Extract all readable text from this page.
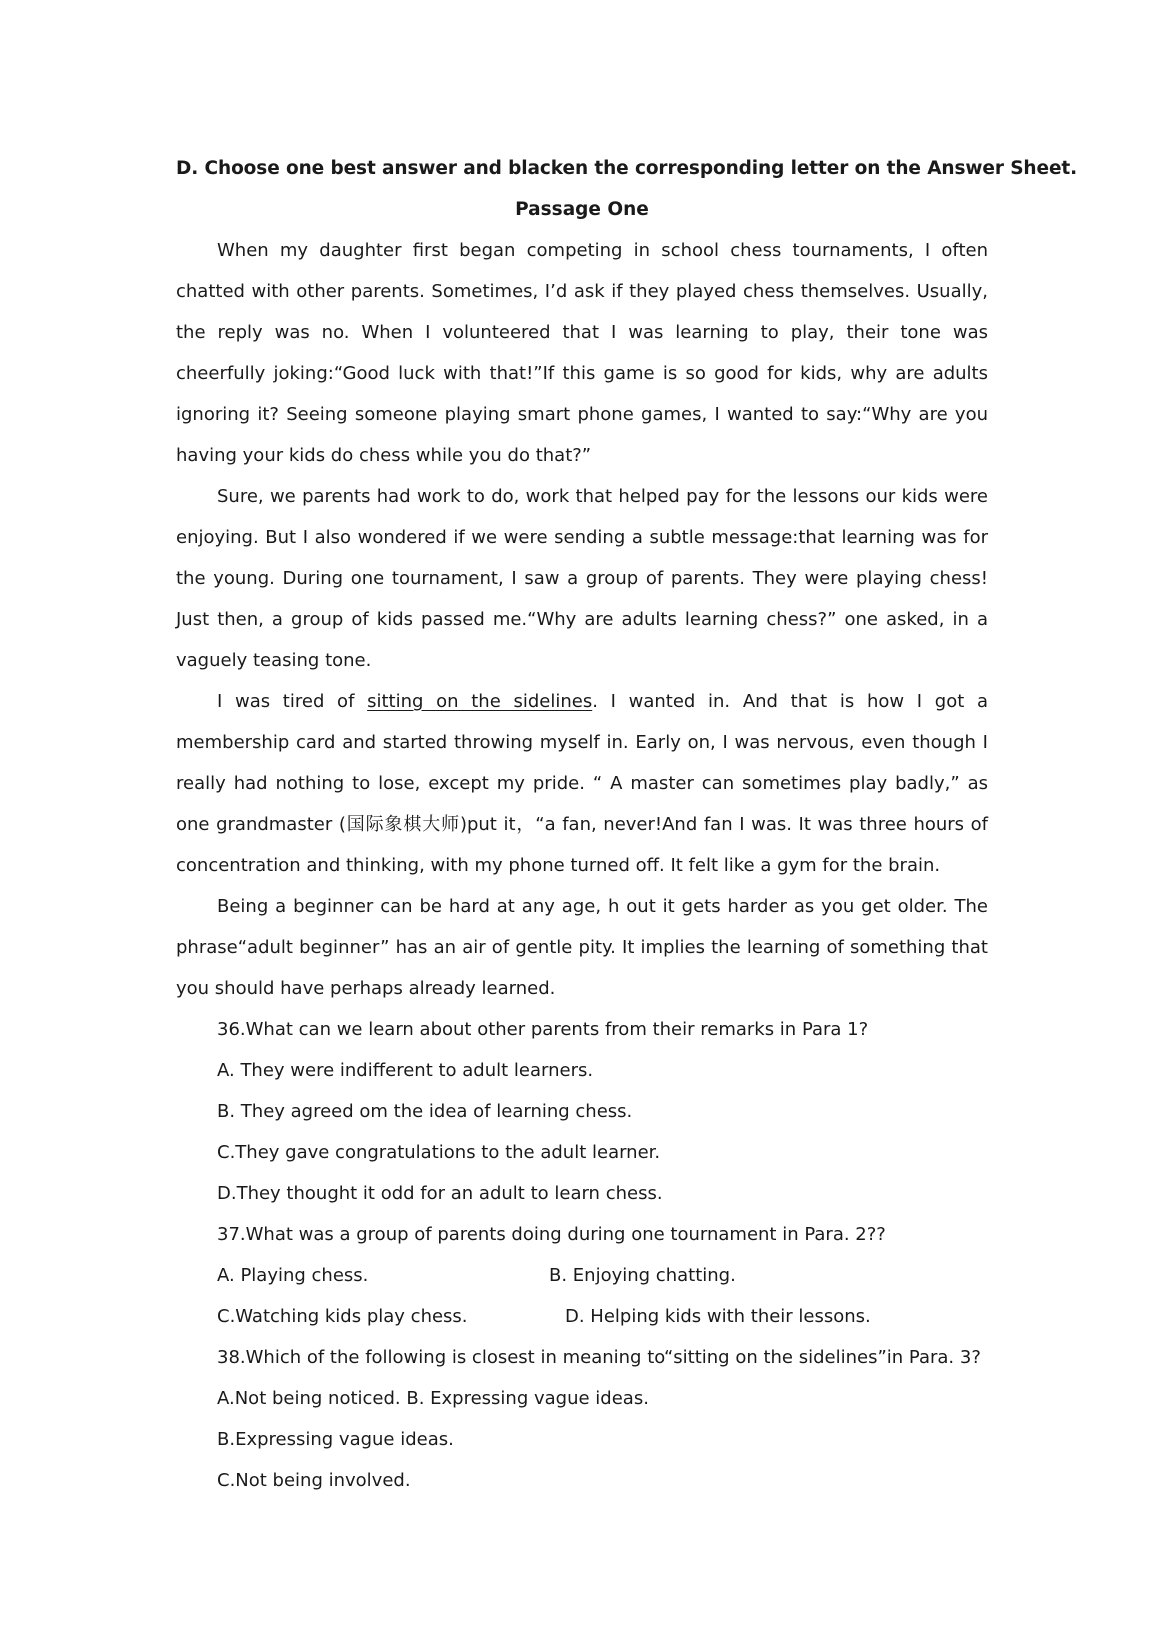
D. Choose one best answer and blacken the corresponding letter on the Answer Sheet.
Passage One

When my daughter first began competing in school chess tournaments, I often chatted with other parents. Sometimes, I’d ask if they played chess themselves. Usually, the reply was no. When I volunteered that I was learning to play, their tone was cheerfully joking:“Good luck with that!”If this game is so good for kids, why are adults ignoring it? Seeing someone playing smart phone games, I wanted to say:“Why are you having your kids do chess while you do that?”

Sure, we parents had work to do, work that helped pay for the lessons our kids were enjoying. But I also wondered if we were sending a subtle message:that learning was for the young. During one tournament, I saw a group of parents. They were playing chess! Just then, a group of kids passed me.“Why are adults learning chess?” one asked, in a vaguely teasing tone.

I was tired of sitting on the sidelines. I wanted in. And that is how I got a membership card and started throwing myself in. Early on, I was nervous, even though I really had nothing to lose, except my pride. “ A master can sometimes play badly,” as one grandmaster (国际象棋大师)put it，“a fan, never!And fan I was. It was three hours of concentration and thinking, with my phone turned off. It felt like a gym for the brain.

Being a beginner can be hard at any age, h out it gets harder as you get older. The phrase“adult beginner” has an air of gentle pity. It implies the learning of something that you should have perhaps already learned.

36.What can we learn about other parents from their remarks in Para 1?
A. They were indifferent to adult learners.
B. They agreed om the idea of learning chess.
C.They gave congratulations to the adult learner.
D.They thought it odd for an adult to learn chess.
37.What was a group of parents doing during one tournament in Para. 2??
A. Playing chess.	B. Enjoying chatting.
C.Watching kids play chess.	D. Helping kids with their lessons.
38.Which of the following is closest in meaning to“sitting on the sidelines”in Para. 3?
A.Not being noticed. B. Expressing vague ideas.
B.Expressing vague ideas.
C.Not being involved.
